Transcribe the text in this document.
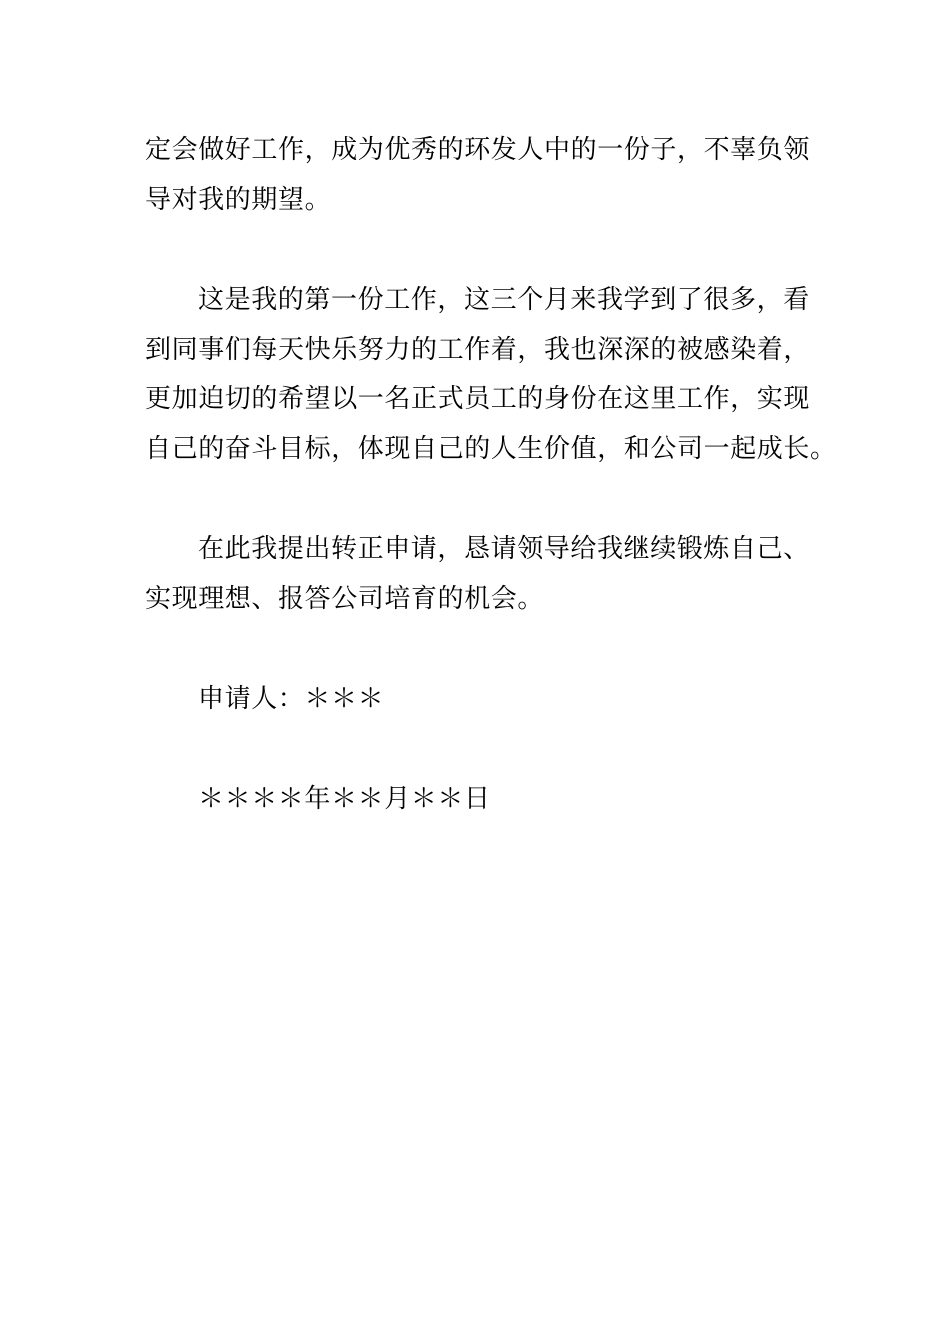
定会做好工作，成为优秀的环发人中的一份子，不辜负领
导对我的期望。
这是我的第一份工作，这三个月来我学到了很多，看
到同事们每天快乐努力的工作着，我也深深的被感染着，
更加迫切的希望以一名正式员工的身份在这里工作，实现
自己的奋斗目标，体现自己的人生价值，和公司一起成长。
在此我提出转正申请，恳请领导给我继续锻炼自己、
实现理想、报答公司培育的机会。
申请人：＊＊＊
＊＊＊＊年＊＊月＊＊日
